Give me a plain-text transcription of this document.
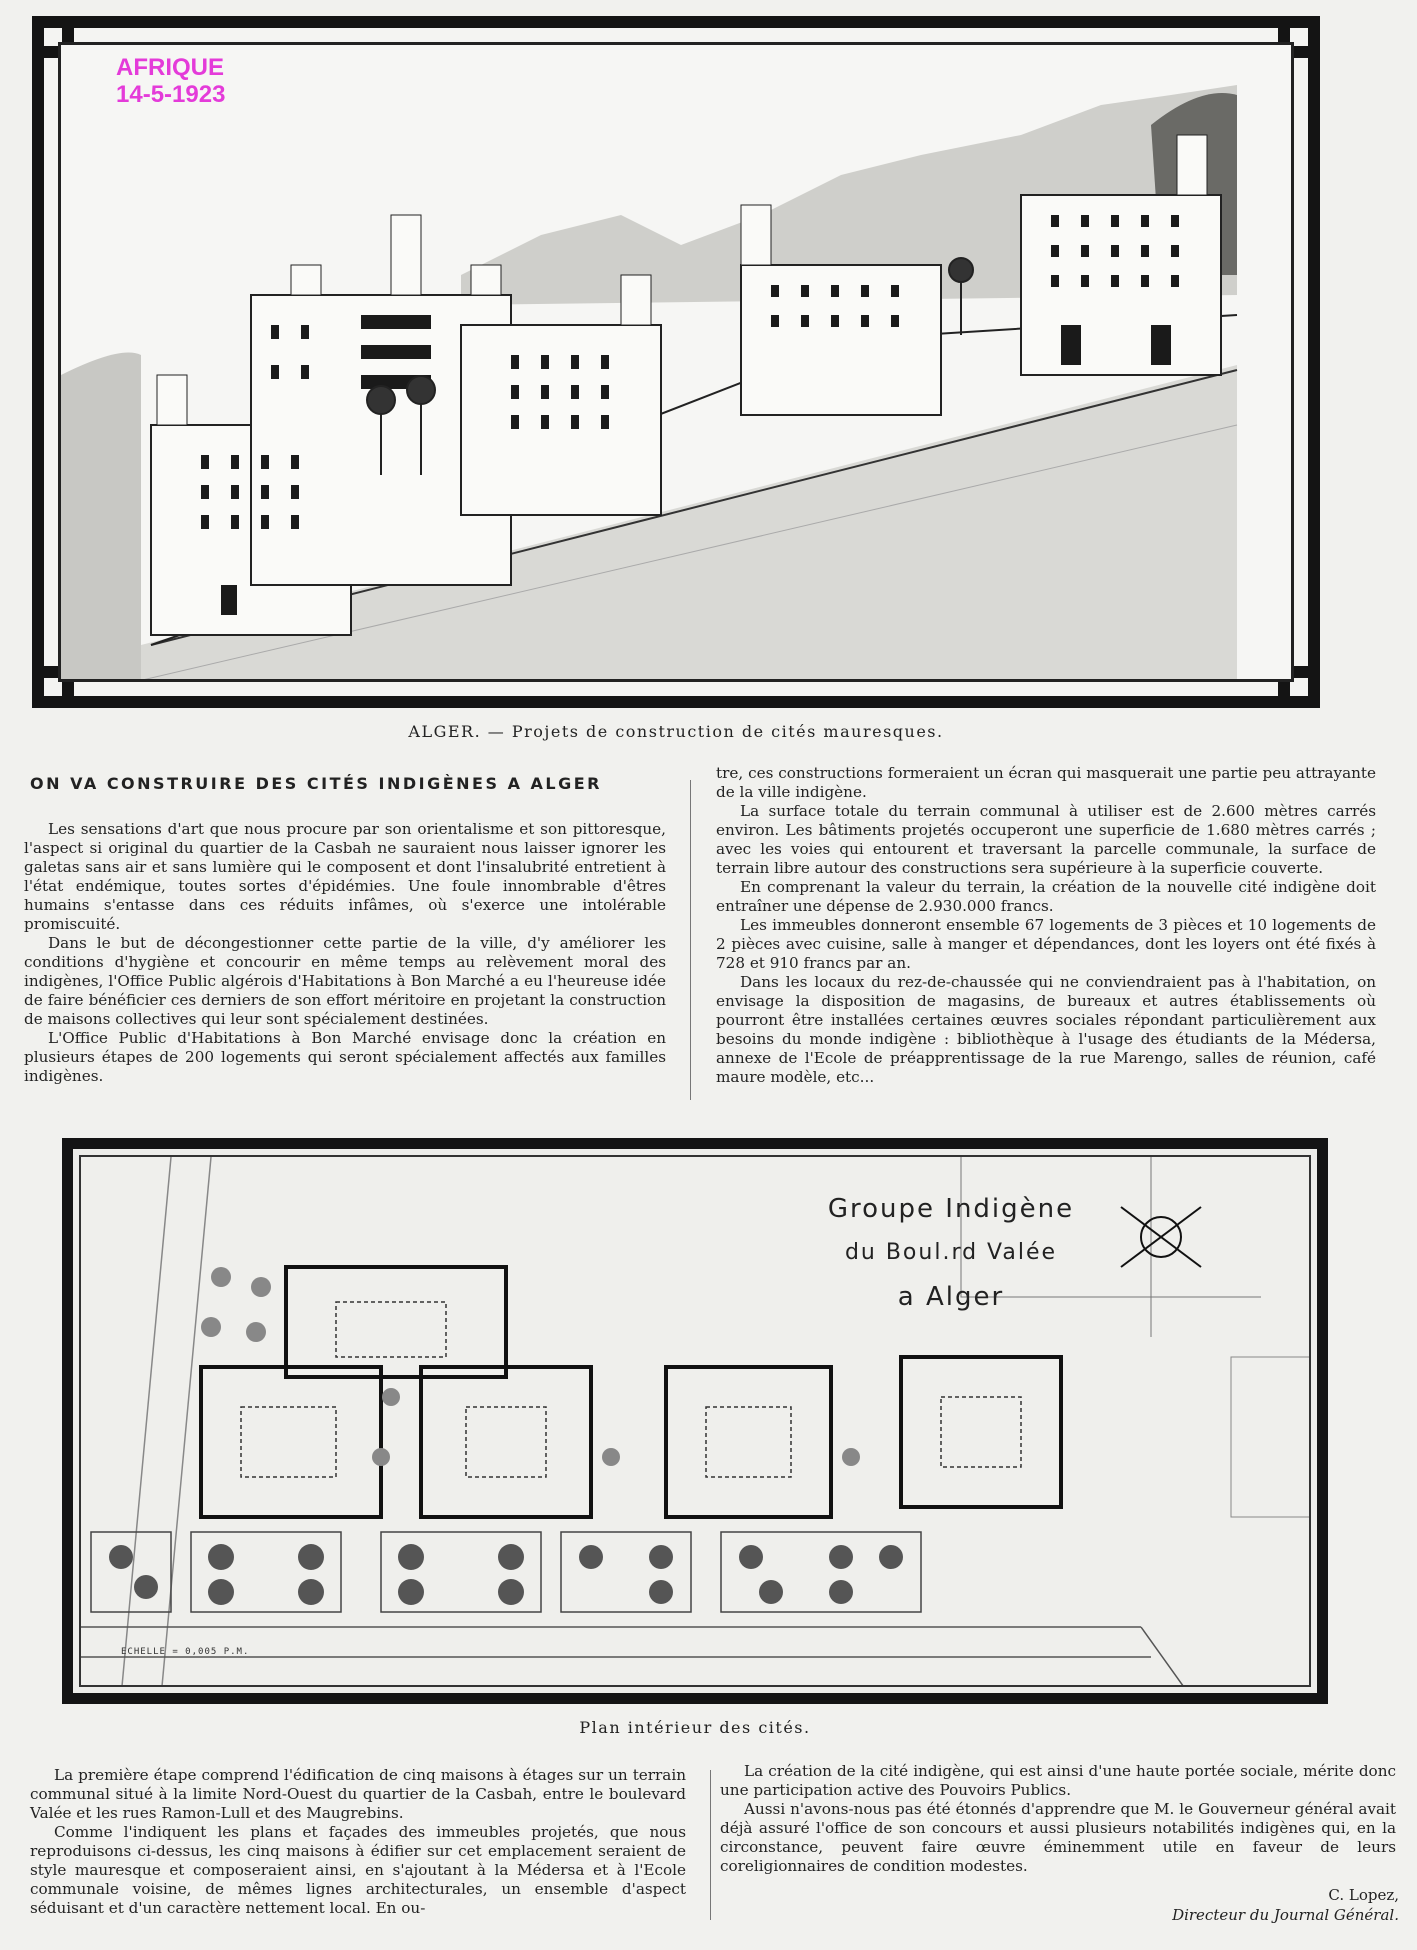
AFRIQUE
14-5-1923
ALGER. — Projets de construction de cités mauresques.
ON VA CONSTRUIRE DES CITÉS INDIGÈNES A ALGER

Les sensations d'art que nous procure par son orientalisme et son pittoresque, l'aspect si original du quartier de la Casbah ne sauraient nous laisser ignorer les galetas sans air et sans lumière qui le composent et dont l'insalubrité entretient à l'état endémique, toutes sortes d'épidémies. Une foule innombrable d'êtres humains s'entasse dans ces réduits infâmes, où s'exerce une intolérable promiscuité.

Dans le but de décongestionner cette partie de la ville, d'y améliorer les conditions d'hygiène et concourir en même temps au relèvement moral des indigènes, l'Office Public algérois d'Habitations à Bon Marché a eu l'heureuse idée de faire bénéficier ces derniers de son effort méritoire en projetant la construction de maisons collectives qui leur sont spécialement destinées.

L'Office Public d'Habitations à Bon Marché envisage donc la création en plusieurs étapes de 200 logements qui seront spécialement affectés aux familles indigènes.

tre, ces constructions formeraient un écran qui masquerait une partie peu attrayante de la ville indigène.

La surface totale du terrain communal à utiliser est de 2.600 mètres carrés environ. Les bâtiments projetés occuperont une superficie de 1.680 mètres carrés ; avec les voies qui entourent et traversant la parcelle communale, la surface de terrain libre autour des constructions sera supérieure à la superficie couverte.

En comprenant la valeur du terrain, la création de la nouvelle cité indigène doit entraîner une dépense de 2.930.000 francs.

Les immeubles donneront ensemble 67 logements de 3 pièces et 10 logements de 2 pièces avec cuisine, salle à manger et dépendances, dont les loyers ont été fixés à 728 et 910 francs par an.

Dans les locaux du rez-de-chaussée qui ne conviendraient pas à l'habitation, on envisage la disposition de magasins, de bureaux et autres établissements où pourront être installées certaines œuvres sociales répondant particulièrement aux besoins du monde indigène : bibliothèque à l'usage des étudiants de la Médersa, annexe de l'Ecole de préapprentissage de la rue Marengo, salles de réunion, café maure modèle, etc...

Groupe Indigène
du Boul.rd Valée
a Alger
ECHELLE = 0,005 P.M.
Plan intérieur des cités.

La première étape comprend l'édification de cinq maisons à étages sur un terrain communal situé à la limite Nord-Ouest du quartier de la Casbah, entre le boulevard Valée et les rues Ramon-Lull et des Maugrebins.

Comme l'indiquent les plans et façades des immeubles projetés, que nous reproduisons ci-dessus, les cinq maisons à édifier sur cet emplacement seraient de style mauresque et composeraient ainsi, en s'ajoutant à la Médersa et à l'Ecole communale voisine, de mêmes lignes architecturales, un ensemble d'aspect séduisant et d'un caractère nettement local. En ou-

La création de la cité indigène, qui est ainsi d'une haute portée sociale, mérite donc une participation active des Pouvoirs Publics.

Aussi n'avons-nous pas été étonnés d'apprendre que M. le Gouverneur général avait déjà assuré l'office de son concours et aussi plusieurs notabilités indigènes qui, en la circonstance, peuvent faire œuvre éminemment utile en faveur de leurs coreligionnaires de condition modestes.

C. Lopez,
Directeur du Journal Général.
